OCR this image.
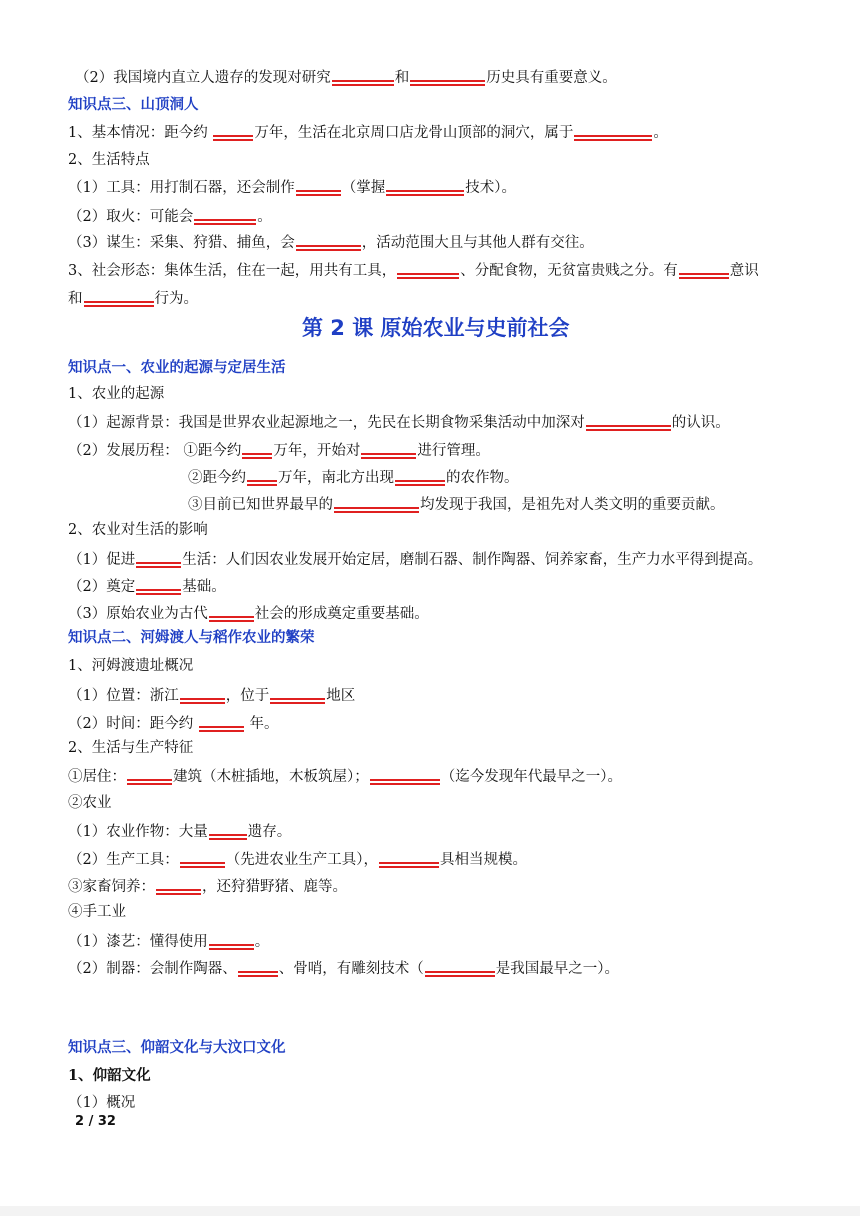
（2）我国境内直立人遗存的发现对研究	和	历史具有重要意义。
知识点三、山顶洞人
1、基本情况：距今约	万年，生活在北京周口店龙骨山顶部的洞穴，属于	。
2、生活特点
（1）工具：用打制石器，还会制作	（掌握	技术）。
（2）取火：可能会	。
（3）谋生：采集、狩猎、捕鱼，会	，活动范围大且与其他人群有交往。
3、社会形态：集体生活，住在一起，用共有工具，	、分配食物，无贫富贵贱之分。有	意识
和	行为。
第 2 课 原始农业与史前社会
知识点一、农业的起源与定居生活
1、农业的起源
（1）起源背景：我国是世界农业起源地之一，先民在长期食物采集活动中加深对	的认识。
（2）发展历程： ①距今约 万年，开始对	进行管理。
②距今约 万年，南北方出现	的农作物。
③目前已知世界最早的	均发现于我国，是祖先对人类文明的重要贡献。
2、农业对生活的影响
（1）促进	生活：人们因农业发展开始定居，磨制石器、制作陶器、饲养家畜，生产力水平得到提高。
（2）奠定	基础。
（3）原始农业为古代	社会的形成奠定重要基础。
知识点二、河姆渡人与稻作农业的繁荣
1、河姆渡遗址概况
（1）位置：浙江	，位于	地区
（2）时间：距今约	年。
2、生活与生产特征
①居住：	建筑（木桩插地，木板筑屋）；	（迄今发现年代最早之一）。
②农业
（1）农业作物：大量	遗存。
（2）生产工具：	（先进农业生产工具），	具相当规模。
③家畜饲养：	，还狩猎野猪、鹿等。
④手工业
（1）漆艺：懂得使用	。
（2）制器：会制作陶器、	、骨哨，有雕刻技术（	是我国最早之一）。
知识点三、仰韶文化与大汶口文化
1、仰韶文化
（1）概况
2 / 32
